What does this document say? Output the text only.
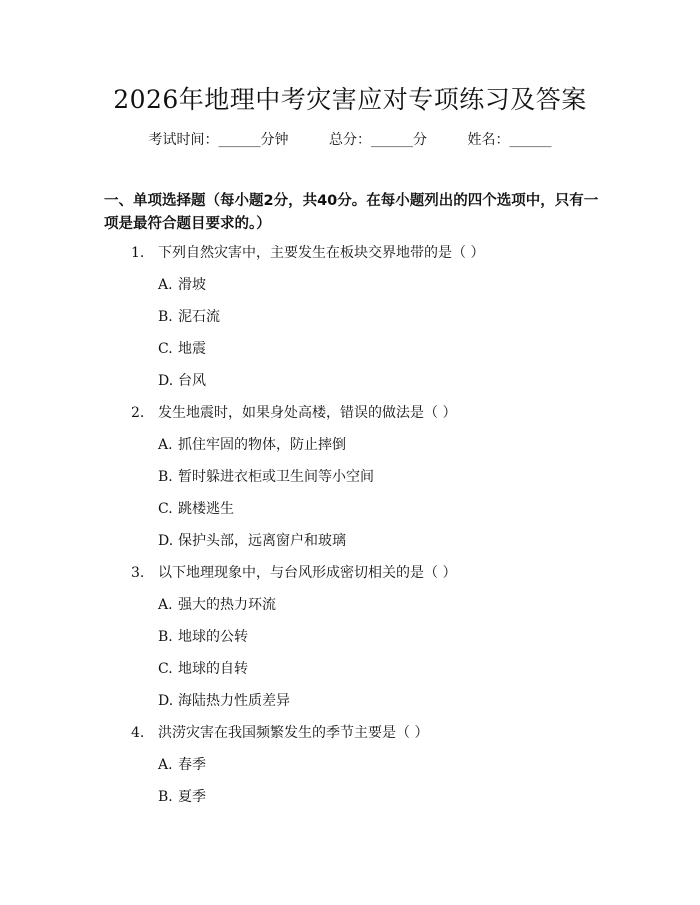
2026年地理中考灾害应对专项练习及答案
考试时间：______分钟	总分：______分	姓名：______
一、单项选择题（每小题2分，共40分。在每小题列出的四个选项中，只有一项是最符合题目要求的。）
1. 下列自然灾害中，主要发生在板块交界地带的是（ ）
A. 滑坡
B. 泥石流
C. 地震
D. 台风
2. 发生地震时，如果身处高楼，错误的做法是（ ）
A. 抓住牢固的物体，防止摔倒
B. 暂时躲进衣柜或卫生间等小空间
C. 跳楼逃生
D. 保护头部，远离窗户和玻璃
3. 以下地理现象中，与台风形成密切相关的是（ ）
A. 强大的热力环流
B. 地球的公转
C. 地球的自转
D. 海陆热力性质差异
4. 洪涝灾害在我国频繁发生的季节主要是（ ）
A. 春季
B. 夏季
